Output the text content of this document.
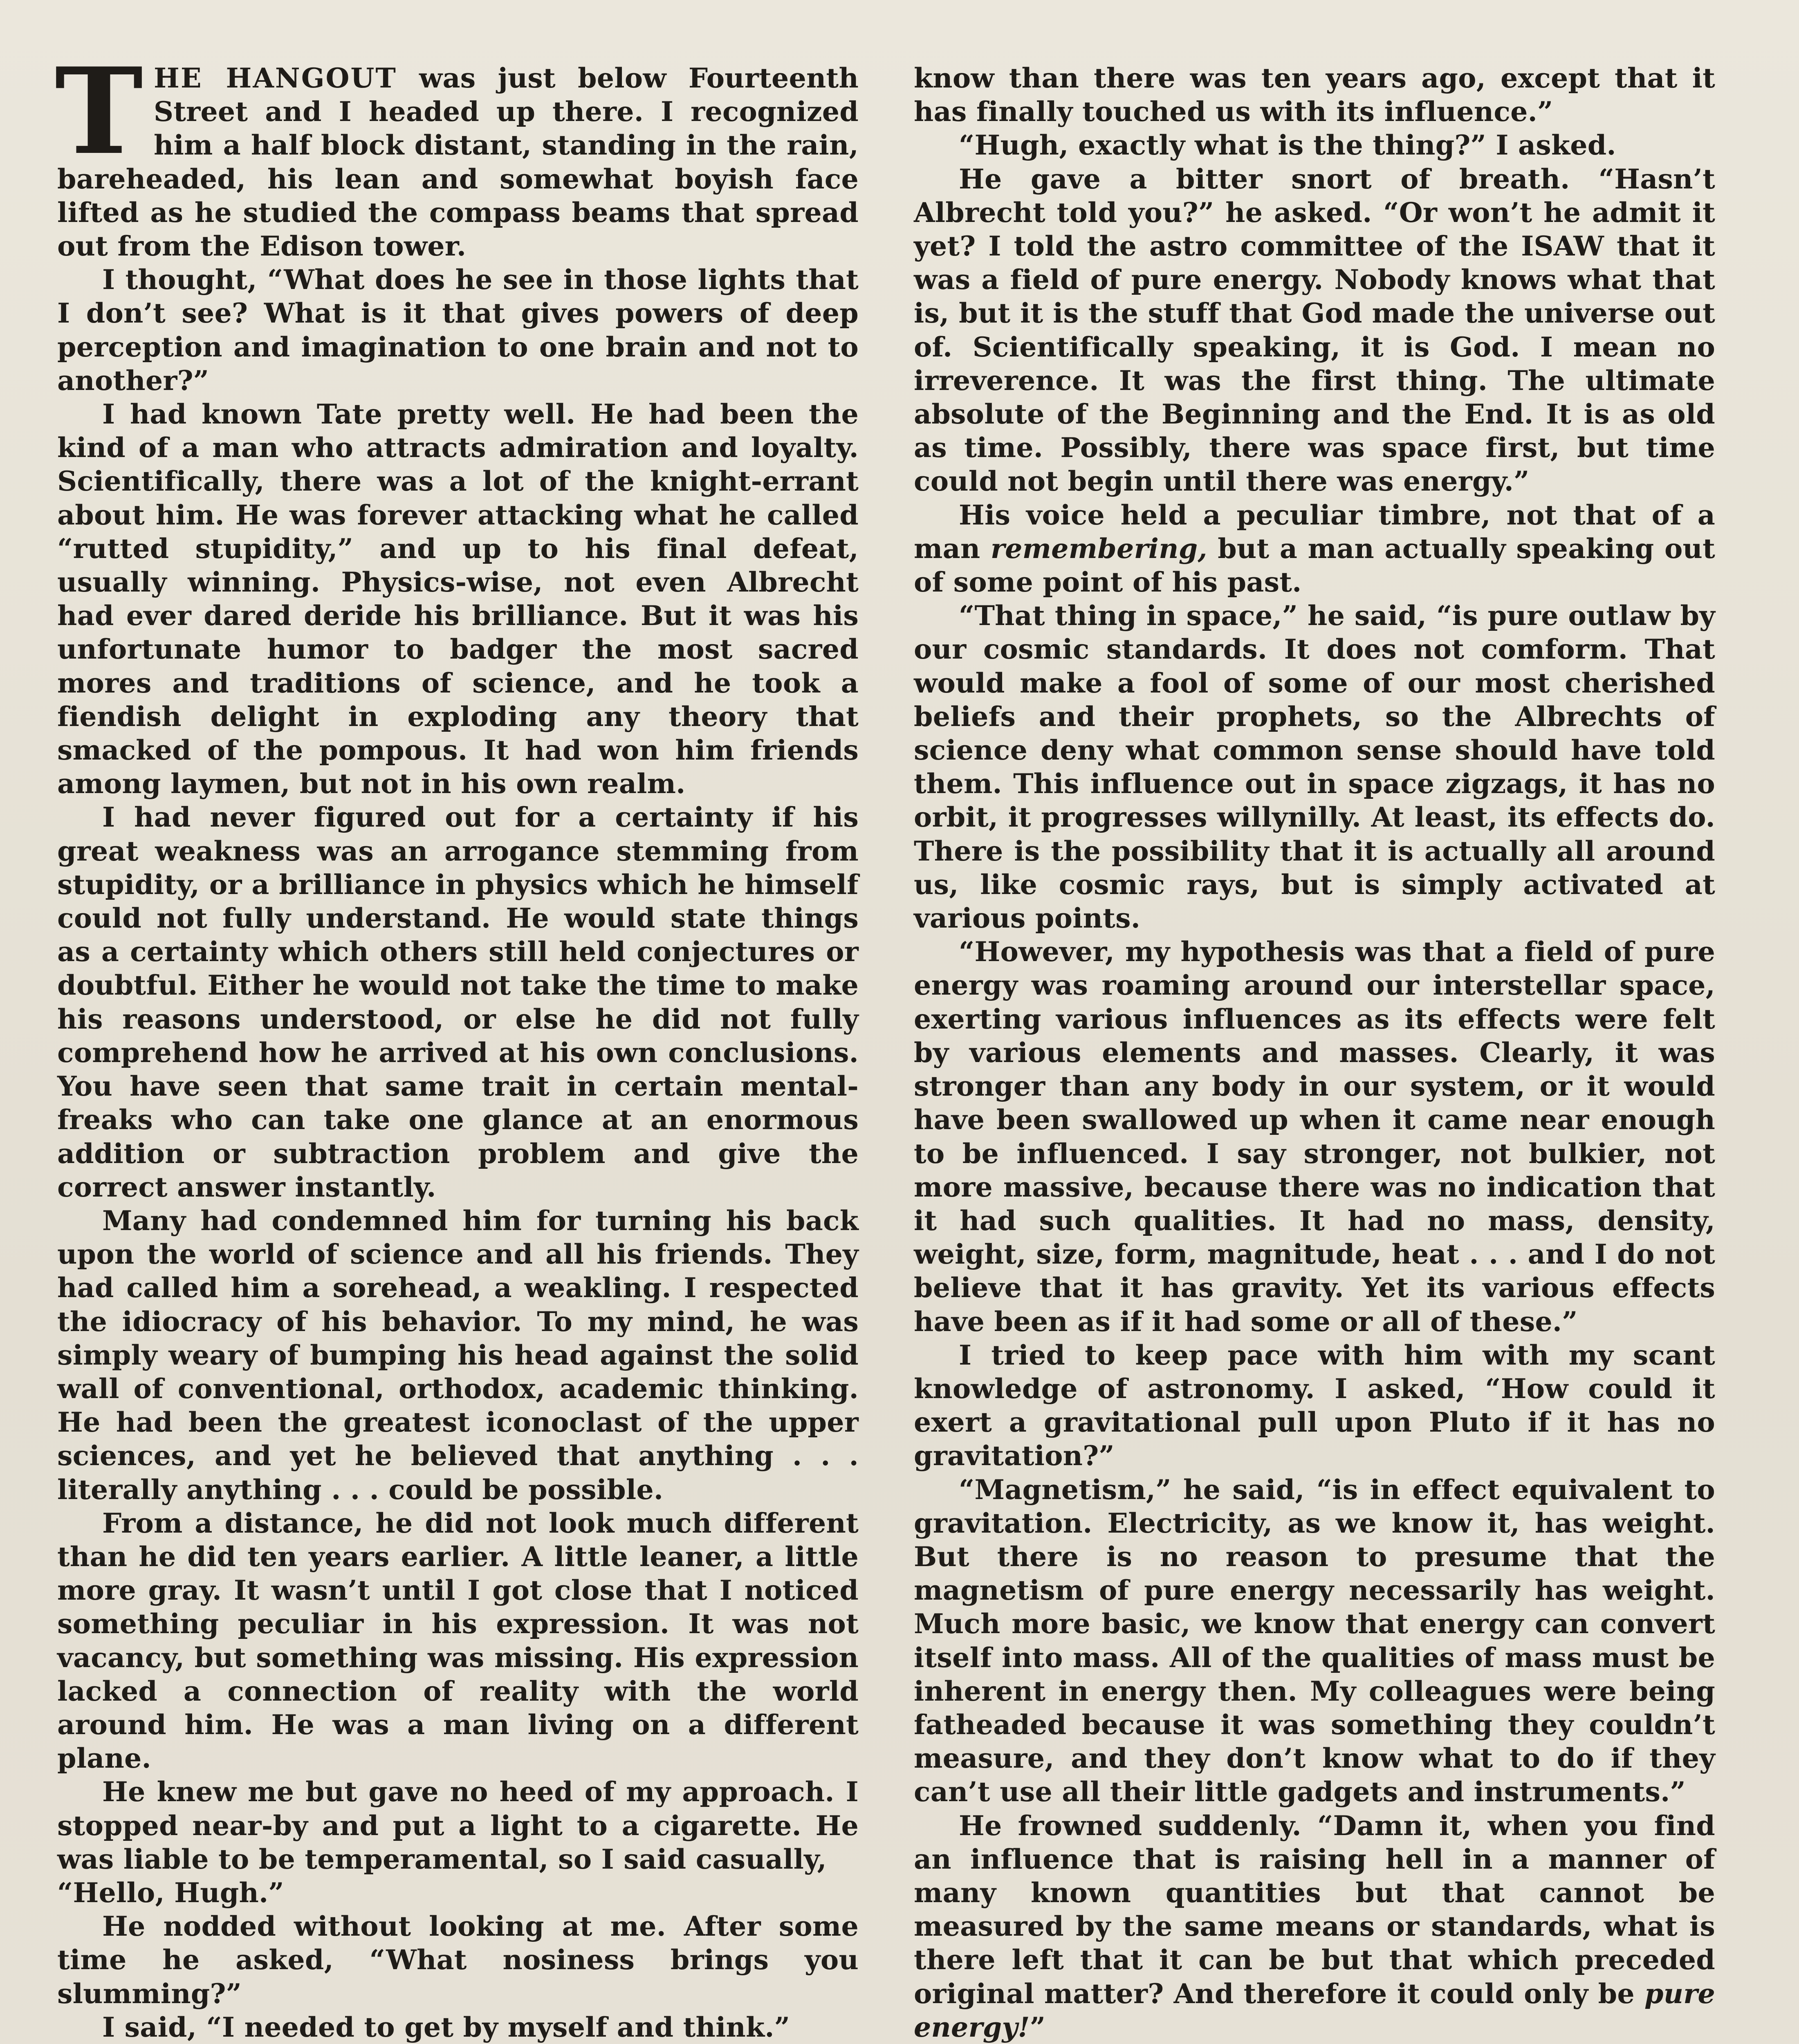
THE HANGOUT was just below Fourteenth Street and I headed up there. I recognized him a half block distant, standing in the rain, bareheaded, his lean and somewhat boyish face lifted as he studied the compass beams that spread out from the Edison tower.

I thought, “What does he see in those lights that I don’t see? What is it that gives powers of deep perception and imagination to one brain and not to another?”

I had known Tate pretty well. He had been the kind of a man who attracts admiration and loyalty. Scientifically, there was a lot of the knight-errant about him. He was forever attacking what he called “rutted stupidity,” and up to his final defeat, usually winning. Physics-wise, not even Albrecht had ever dared deride his brilliance. But it was his unfortunate humor to badger the most sacred mores and traditions of science, and he took a fiendish delight in exploding any theory that smacked of the pompous. It had won him friends among laymen, but not in his own realm.

I had never figured out for a certainty if his great weakness was an arrogance stemming from stupidity, or a brilliance in physics which he himself could not fully understand. He would state things as a certainty which others still held conjectures or doubtful. Either he would not take the time to make his reasons understood, or else he did not fully comprehend how he arrived at his own conclusions. You have seen that same trait in certain mental-freaks who can take one glance at an enormous addition or subtraction problem and give the correct answer instantly.

Many had condemned him for turning his back upon the world of science and all his friends. They had called him a sorehead, a weakling. I respected the idiocracy of his behavior. To my mind, he was simply weary of bumping his head against the solid wall of conventional, orthodox, academic thinking. He had been the greatest iconoclast of the upper sciences, and yet he believed that anything . . . literally anything . . . could be possible.

From a distance, he did not look much different than he did ten years earlier. A little leaner, a little more gray. It wasn’t until I got close that I noticed something peculiar in his expression. It was not vacancy, but something was missing. His expression lacked a connection of reality with the world around him. He was a man living on a different plane.

He knew me but gave no heed of my approach. I stopped near-by and put a light to a cigarette. He was liable to be temperamental, so I said casually,

“Hello, Hugh.”

He nodded without looking at me. After some time he asked, “What nosiness brings you slumming?”

I said, “I needed to get by myself and think.”

know than there was ten years ago, except that it has finally touched us with its influence.”

“Hugh, exactly what is the thing?” I asked.

He gave a bitter snort of breath. “Hasn’t Albrecht told you?” he asked. “Or won’t he admit it yet? I told the astro committee of the ISAW that it was a field of pure energy. Nobody knows what that is, but it is the stuff that God made the universe out of. Scientifically speaking, it is God. I mean no irreverence. It was the first thing. The ultimate absolute of the Beginning and the End. It is as old as time. Possibly, there was space first, but time could not begin until there was energy.”

His voice held a peculiar timbre, not that of a man remembering, but a man actually speaking out of some point of his past.

“That thing in space,” he said, “is pure outlaw by our cosmic standards. It does not comform. That would make a fool of some of our most cherished beliefs and their prophets, so the Albrechts of science deny what common sense should have told them. This influence out in space zigzags, it has no orbit, it progresses willynilly. At least, its effects do. There is the possibility that it is actually all around us, like cosmic rays, but is simply activated at various points.

“However, my hypothesis was that a field of pure energy was roaming around our interstellar space, exerting various influences as its effects were felt by various elements and masses. Clearly, it was stronger than any body in our system, or it would have been swallowed up when it came near enough to be influenced. I say stronger, not bulkier, not more massive, because there was no indication that it had such qualities. It had no mass, density, weight, size, form, magnitude, heat . . . and I do not believe that it has gravity. Yet its various effects have been as if it had some or all of these.”

I tried to keep pace with him with my scant knowledge of astronomy. I asked, “How could it exert a gravitational pull upon Pluto if it has no gravitation?”

“Magnetism,” he said, “is in effect equivalent to gravitation. Electricity, as we know it, has weight. But there is no reason to presume that the magnetism of pure energy necessarily has weight. Much more basic, we know that energy can convert itself into mass. All of the qualities of mass must be inherent in energy then. My colleagues were being fatheaded because it was something they couldn’t measure, and they don’t know what to do if they can’t use all their little gadgets and instruments.”

He frowned suddenly. “Damn it, when you find an influence that is raising hell in a manner of many known quantities but that cannot be measured by the same means or standards, what is there left that it can be but that which preceded original matter? And therefore it could only be pure energy!”
